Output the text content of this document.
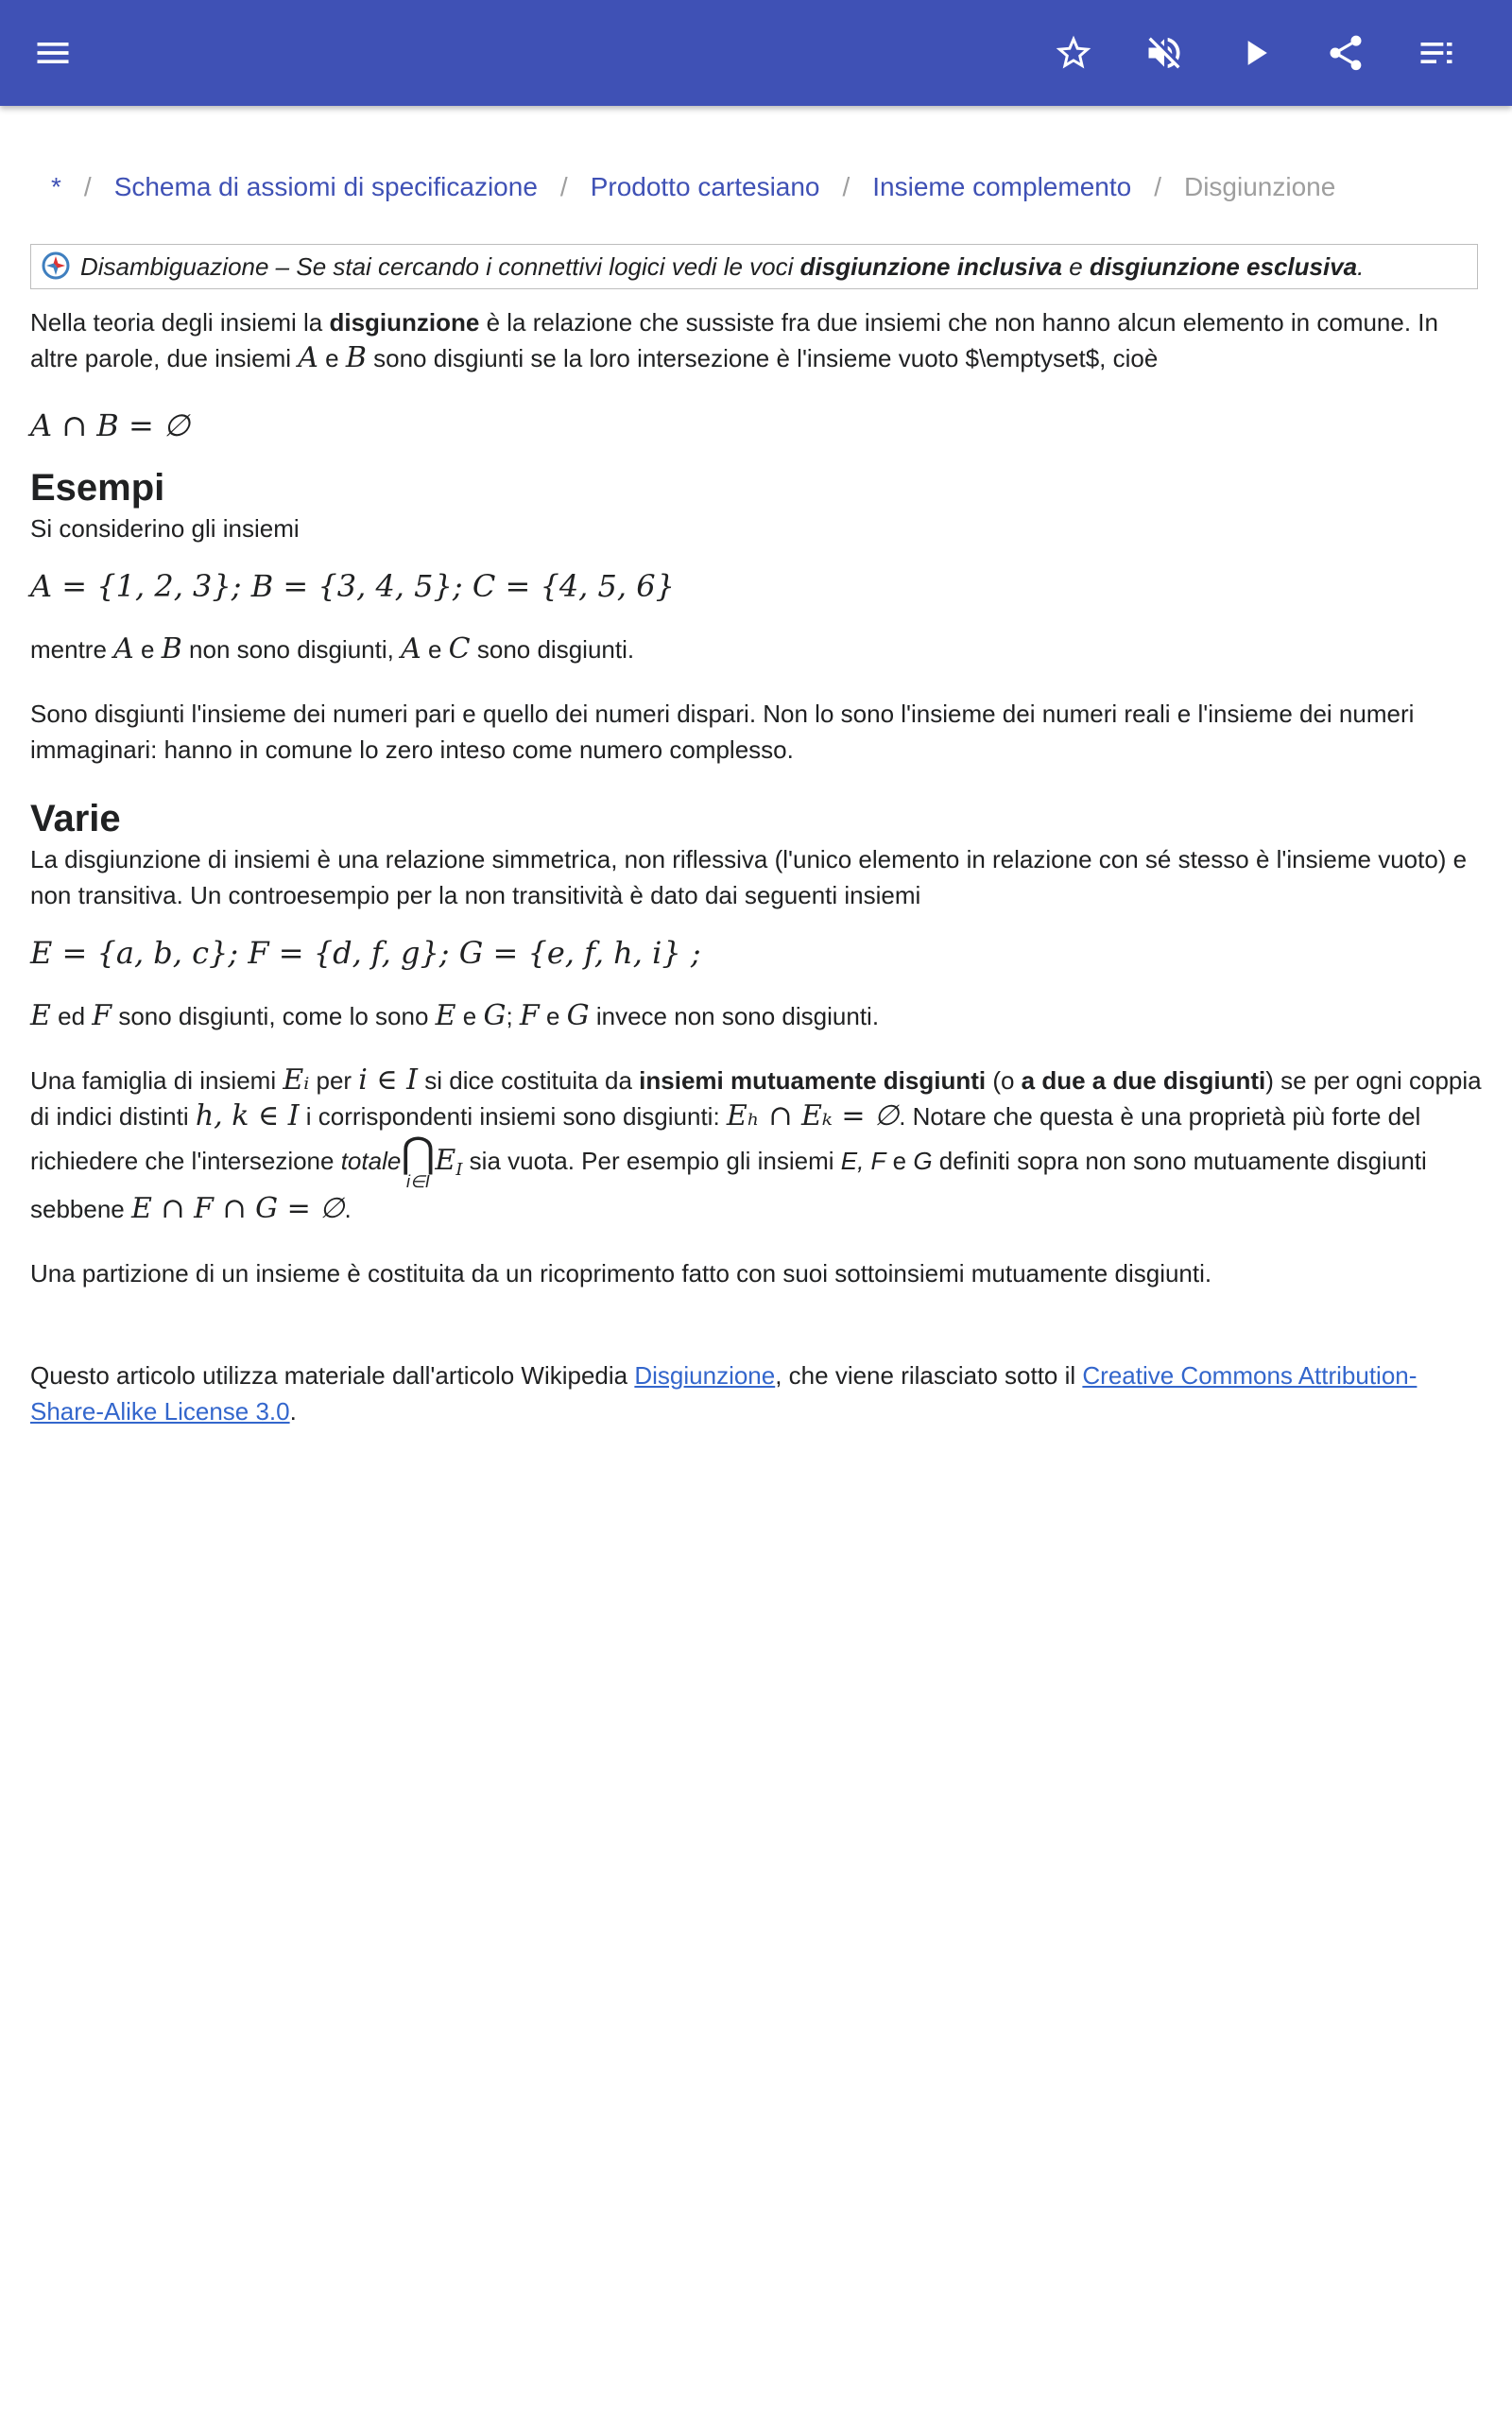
* / Schema di assiomi di specificazione / Prodotto cartesiano / Insieme complemento / Disgiunzione
Disambiguazione – Se stai cercando i connettivi logici vedi le voci disgiunzione inclusiva e disgiunzione esclusiva.

Nella teoria degli insiemi la disgiunzione è la relazione che sussiste fra due insiemi che non hanno alcun elemento in comune. In altre parole, due insiemi A e B sono disgiunti se la loro intersezione è l'insieme vuoto $\emptyset$, cioè

A ∩ B = ∅
Esempi

Si considerino gli insiemi

A = {1, 2, 3}; B = {3, 4, 5}; C = {4, 5, 6}

mentre A e B non sono disgiunti, A e C sono disgiunti.

Sono disgiunti l'insieme dei numeri pari e quello dei numeri dispari. Non lo sono l'insieme dei numeri reali e l'insieme dei numeri immaginari: hanno in comune lo zero inteso come numero complesso.

Varie

La disgiunzione di insiemi è una relazione simmetrica, non riflessiva (l'unico elemento in relazione con sé stesso è l'insieme vuoto) e non transitiva. Un controesempio per la non transitività è dato dai seguenti insiemi

E = {a, b, c}; F = {d, f, g}; G = {e, f, h, i} ;

E ed F sono disgiunti, come lo sono E e G; F e G invece non sono disgiunti.

Una famiglia di insiemi Eᵢ per i ∈ I si dice costituita da insiemi mutuamente disgiunti (o a due a due disgiunti) se per ogni coppia di indici distinti h, k ∈ I i corrispondenti insiemi sono disgiunti: Eₕ ∩ Eₖ = ∅. Notare che questa è una proprietà più forte del richiedere che l'intersezione totale ⋂
i∈I
$E_I$ sia vuota. Per esempio gli insiemi E, F e G definiti sopra non sono mutuamente disgiunti sebbene E ∩ F ∩ G = ∅.

Una partizione di un insieme è costituita da un ricoprimento fatto con suoi sottoinsiemi mutuamente disgiunti.

Questo articolo utilizza materiale dall'articolo Wikipedia Disgiunzione, che viene rilasciato sotto il Creative Commons Attribution-Share-Alike License 3.0.
